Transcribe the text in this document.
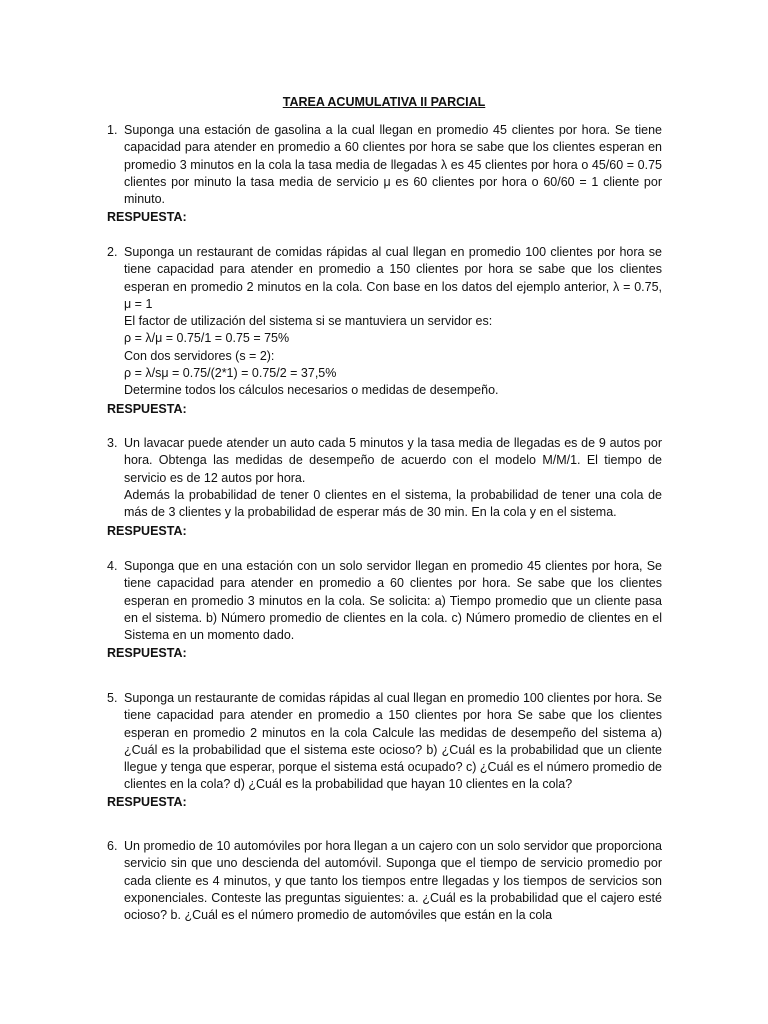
TAREA ACUMULATIVA II PARCIAL
1. Suponga una estación de gasolina a la cual llegan en promedio 45 clientes por hora. Se tiene capacidad para atender en promedio a 60 clientes por hora se sabe que los clientes esperan en promedio 3 minutos en la cola la tasa media de llegadas λ es 45 clientes por hora o 45/60 = 0.75 clientes por minuto la tasa media de servicio μ es 60 clientes por hora o 60/60 = 1 cliente por minuto.

RESPUESTA:
2. Suponga un restaurant de comidas rápidas al cual llegan en promedio 100 clientes por hora se tiene capacidad para atender en promedio a 150 clientes por hora se sabe que los clientes esperan en promedio 2 minutos en la cola. Con base en los datos del ejemplo anterior, λ = 0.75, μ = 1

El factor de utilización del sistema si se mantuviera un servidor es:

ρ = λ/μ = 0.75/1 = 0.75 = 75%

Con dos servidores (s = 2):

ρ = λ/sμ = 0.75/(2*1) = 0.75/2 = 37,5%

Determine todos los cálculos necesarios o medidas de desempeño.

RESPUESTA:
3. Un lavacar puede atender un auto cada 5 minutos y la tasa media de llegadas es de 9 autos por hora. Obtenga las medidas de desempeño de acuerdo con el modelo M/M/1. El tiempo de servicio es de 12 autos por hora.

Además la probabilidad de tener 0 clientes en el sistema, la probabilidad de tener una cola de más de 3 clientes y la probabilidad de esperar más de 30 min. En la cola y en el sistema.

RESPUESTA:
4. Suponga que en una estación con un solo servidor llegan en promedio 45 clientes por hora, Se tiene capacidad para atender en promedio a 60 clientes por hora. Se sabe que los clientes esperan en promedio 3 minutos en la cola. Se solicita: a) Tiempo promedio que un cliente pasa en el sistema. b) Número promedio de clientes en la cola. c) Número promedio de clientes en el Sistema en un momento dado.

RESPUESTA:
5. Suponga un restaurante de comidas rápidas al cual llegan en promedio 100 clientes por hora. Se tiene capacidad para atender en promedio a 150 clientes por hora Se sabe que los clientes esperan en promedio 2 minutos en la cola Calcule las medidas de desempeño del sistema a) ¿Cuál es la probabilidad que el sistema este ocioso? b) ¿Cuál es la probabilidad que un cliente llegue y tenga que esperar, porque el sistema está ocupado? c) ¿Cuál es el número promedio de clientes en la cola? d) ¿Cuál es la probabilidad que hayan 10 clientes en la cola?

RESPUESTA:
6. Un promedio de 10 automóviles por hora llegan a un cajero con un solo servidor que proporciona servicio sin que uno descienda del automóvil. Suponga que el tiempo de servicio promedio por cada cliente es 4 minutos, y que tanto los tiempos entre llegadas y los tiempos de servicios son exponenciales. Conteste las preguntas siguientes: a. ¿Cuál es la probabilidad que el cajero esté ocioso? b. ¿Cuál es el número promedio de automóviles que están en la cola
